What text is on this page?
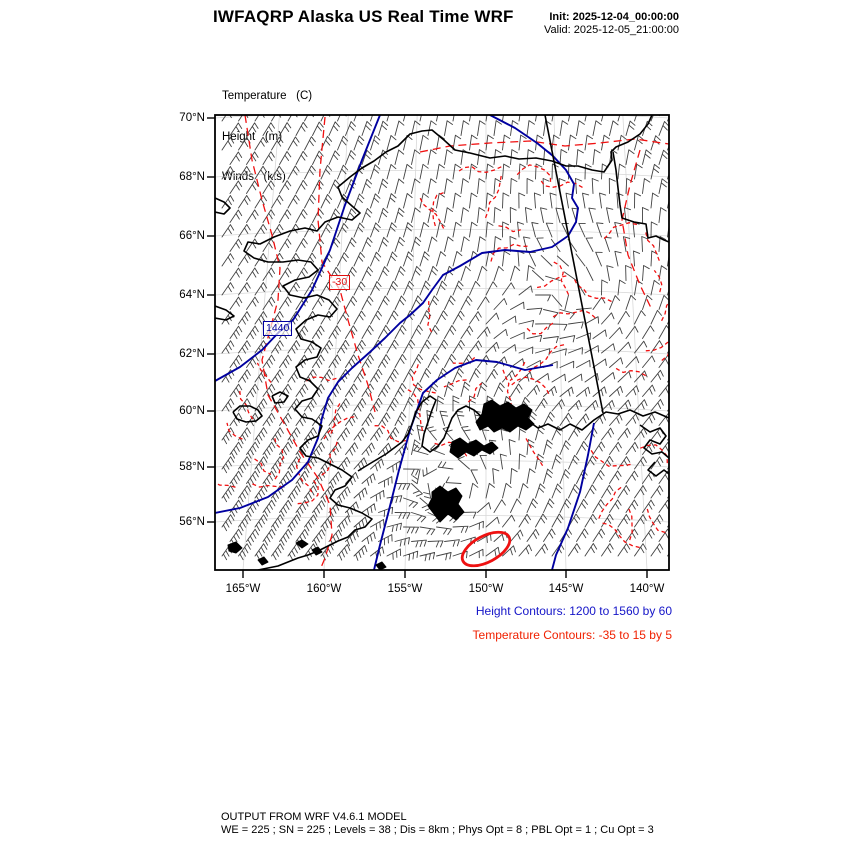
IWFAQRP Alaska US Real Time WRF	Init: 2025-12-04_00:00:00
Valid: 2025-12-05_21:00:00

Temperature   (C)

Height   (m)

Winds   (kts)

70°N
68°N
66°N
64°N
62°N
60°N
58°N
56°N
165°W	160°W	155°W	150°W	145°W	140°W
1440
-30
Height Contours: 1200 to 1560 by 60
Temperature Contours: -35 to 15 by 5
OUTPUT FROM WRF V4.6.1 MODEL
WE = 225 ; SN = 225 ; Levels = 38 ; Dis = 8km ; Phys Opt = 8 ; PBL Opt = 1 ; Cu Opt = 3
